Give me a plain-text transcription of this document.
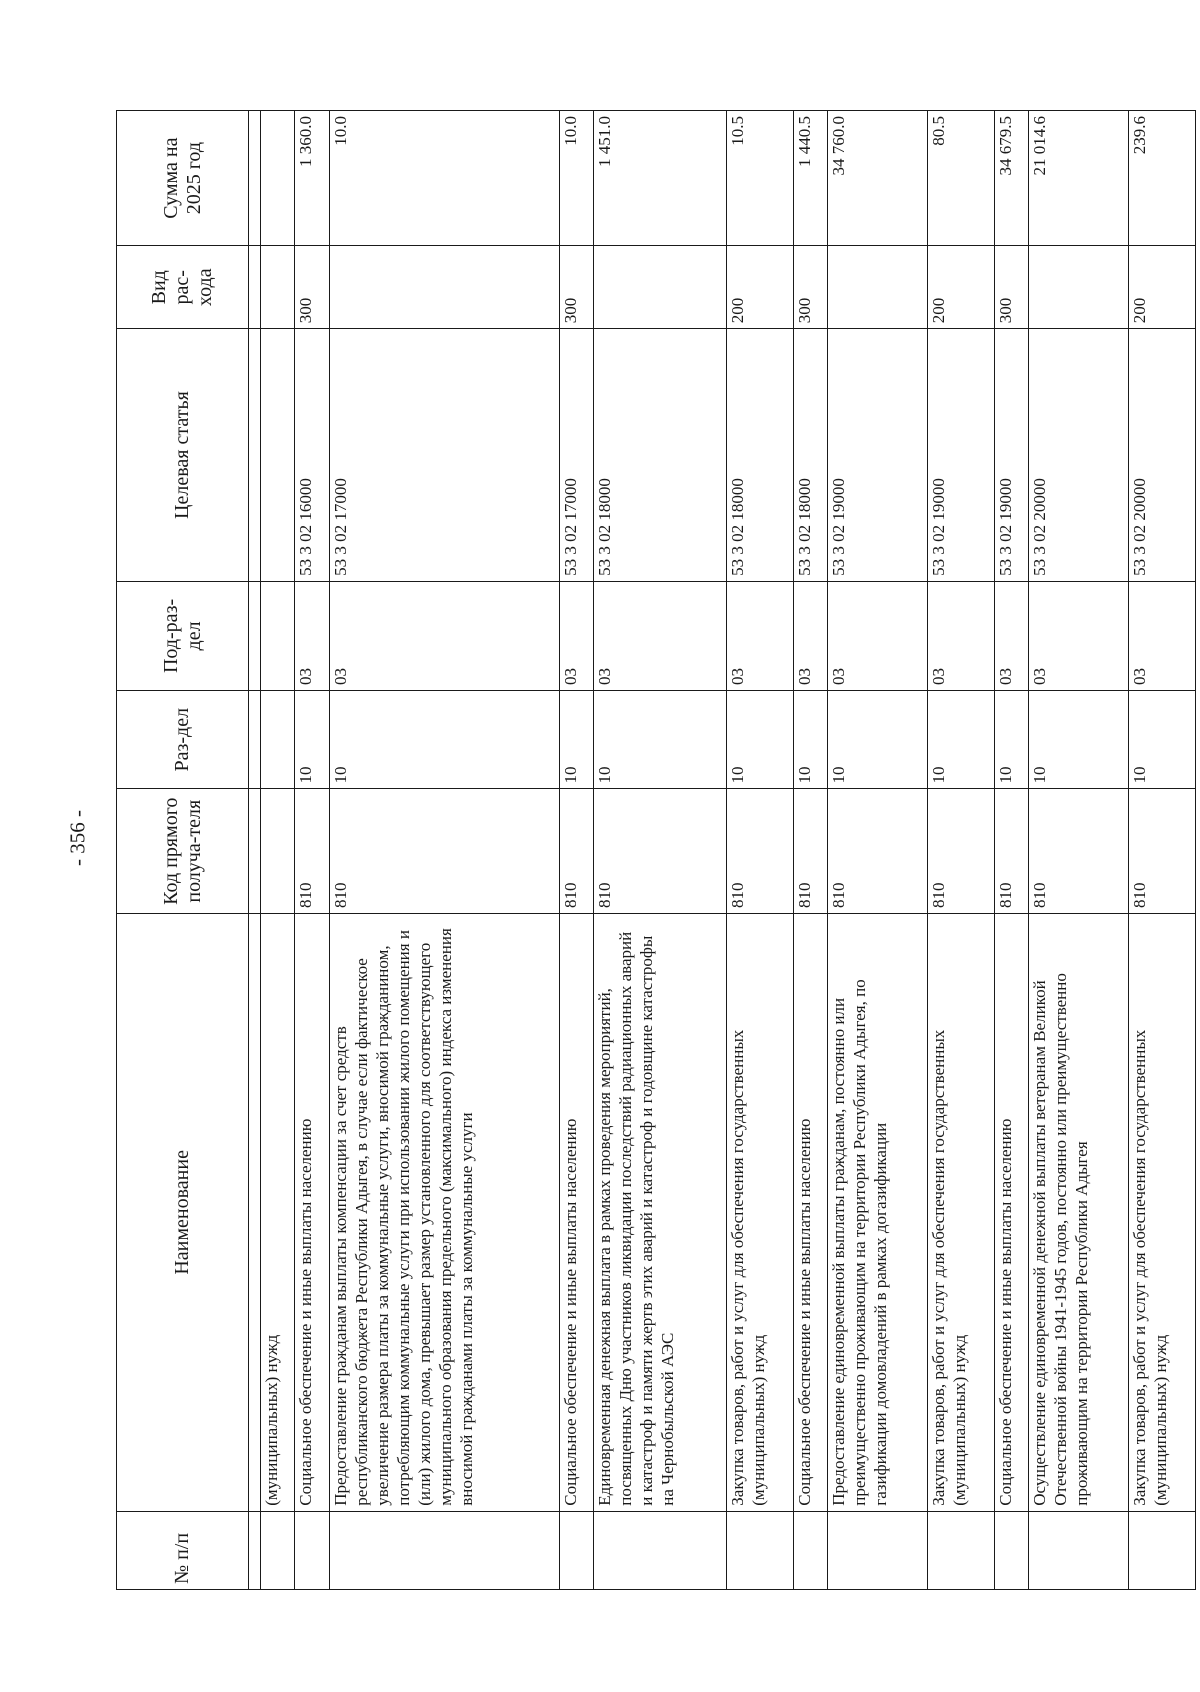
- 356 -
№ п/п	Наименование	Код прямого получа-теля	Раз-дел	Под-раз-дел	Целевая статья	Вид рас-хода	Сумма на 2025 год

	(муниципальных) нужд						
	Социальное обеспечение и иные выплаты населению	810	10	03	53 3 02 16000	300	1 360.0
	Предоставление гражданам выплаты компенсации за счет средств республиканского бюджета Республики Адыгея, в случае если фактическое увеличение размера платы за коммунальные услуги, вносимой гражданином, потребляющим коммунальные услуги при использовании жилого помещения и (или) жилого дома, превышает размер установленного для соответствующего муниципального образования предельного (максимального) индекса изменения вносимой гражданами платы за коммунальные услуги	810	10	03	53 3 02 17000		10.0
	Социальное обеспечение и иные выплаты населению	810	10	03	53 3 02 17000	300	10.0
	Единовременная денежная выплата в рамках проведения мероприятий, посвященных Дню участников ликвидации последствий радиационных аварий и катастроф и памяти жертв этих аварий и катастроф и годовщине катастрофы на Чернобыльской АЭС	810	10	03	53 3 02 18000		1 451.0
	Закупка товаров, работ и услуг для обеспечения государственных (муниципальных) нужд	810	10	03	53 3 02 18000	200	10.5
	Социальное обеспечение и иные выплаты населению	810	10	03	53 3 02 18000	300	1 440.5
	Предоставление единовременной выплаты гражданам, постоянно или преимущественно проживающим на территории Республики Адыгея, по газификации домовладений в рамках догазификации	810	10	03	53 3 02 19000		34 760.0
	Закупка товаров, работ и услуг для обеспечения государственных (муниципальных) нужд	810	10	03	53 3 02 19000	200	80.5
	Социальное обеспечение и иные выплаты населению	810	10	03	53 3 02 19000	300	34 679.5
	Осуществление единовременной денежной выплаты ветеранам Великой Отечественной войны 1941-1945 годов, постоянно или преимущественно проживающим на территории Республики Адыгея	810	10	03	53 3 02 20000		21 014.6
	Закупка товаров, работ и услуг для обеспечения государственных (муниципальных) нужд	810	10	03	53 3 02 20000	200	239.6
